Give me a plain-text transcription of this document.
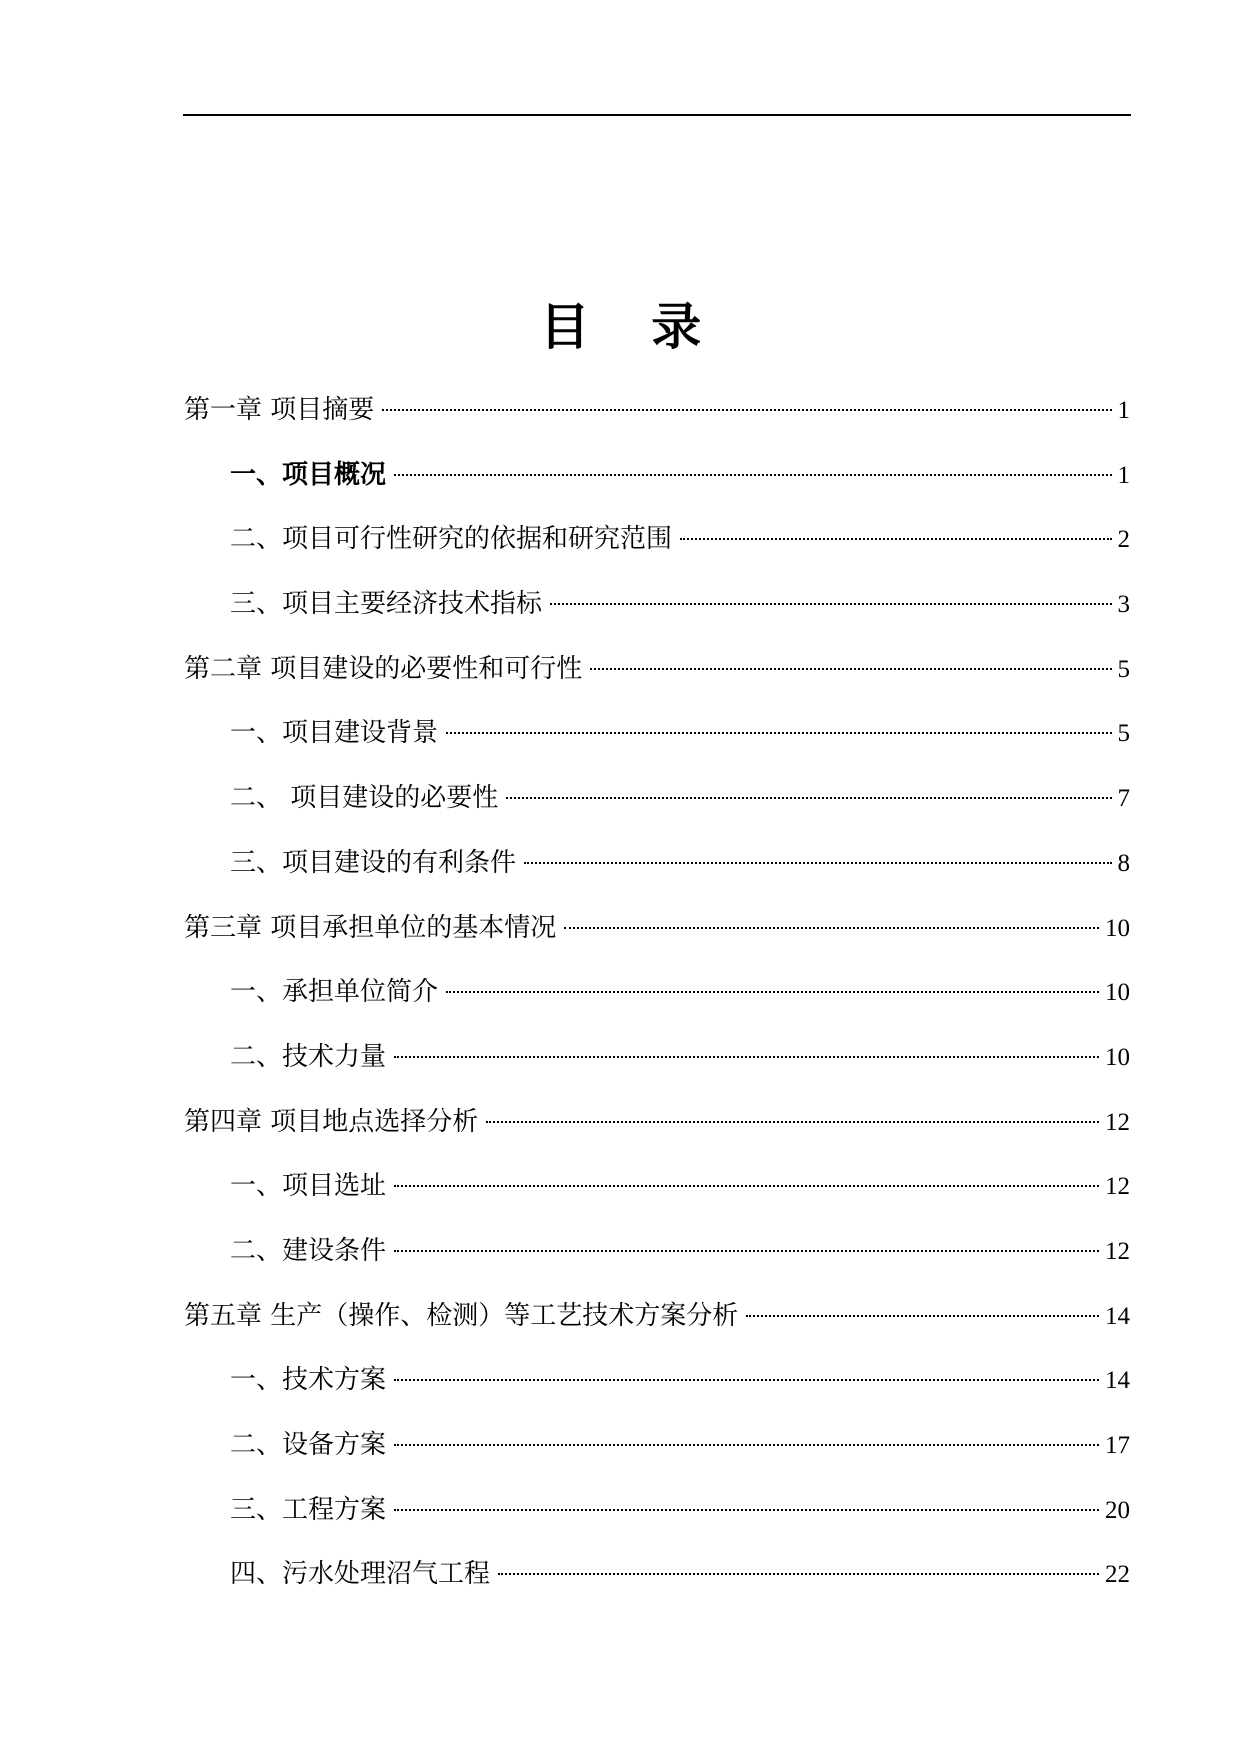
目 录
第一章 项目摘要	1
一、项目概况	1
二、项目可行性研究的依据和研究范围	2
三、项目主要经济技术指标	3
第二章 项目建设的必要性和可行性	5
一、项目建设背景	5
二、 项目建设的必要性	7
三、项目建设的有利条件	8
第三章 项目承担单位的基本情况	10
一、承担单位简介	10
二、技术力量	10
第四章 项目地点选择分析	12
一、项目选址	12
二、建设条件	12
第五章 生产（操作、检测）等工艺技术方案分析	14
一、技术方案	14
二、设备方案	17
三、工程方案	20
四、污水处理沼气工程	22
